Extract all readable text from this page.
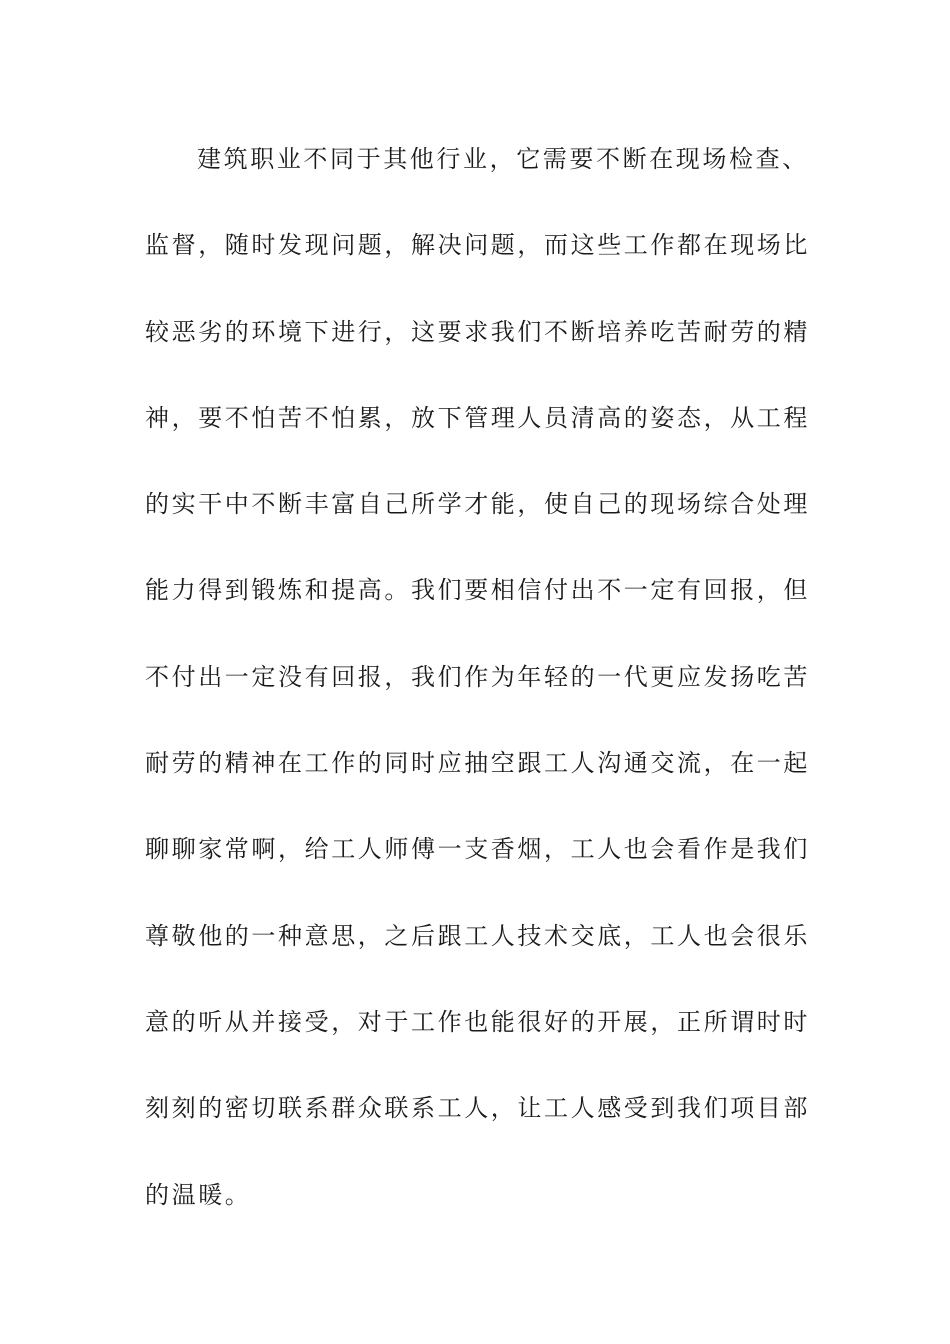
建筑职业不同于其他行业，它需要不断在现场检查、
监督，随时发现问题，解决问题，而这些工作都在现场比
较恶劣的环境下进行，这要求我们不断培养吃苦耐劳的精
神，要不怕苦不怕累，放下管理人员清高的姿态，从工程
的实干中不断丰富自己所学才能，使自己的现场综合处理
能力得到锻炼和提高。我们要相信付出不一定有回报，但
不付出一定没有回报，我们作为年轻的一代更应发扬吃苦
耐劳的精神在工作的同时应抽空跟工人沟通交流，在一起
聊聊家常啊，给工人师傅一支香烟，工人也会看作是我们
尊敬他的一种意思，之后跟工人技术交底，工人也会很乐
意的听从并接受，对于工作也能很好的开展，正所谓时时
刻刻的密切联系群众联系工人，让工人感受到我们项目部
的温暖。
